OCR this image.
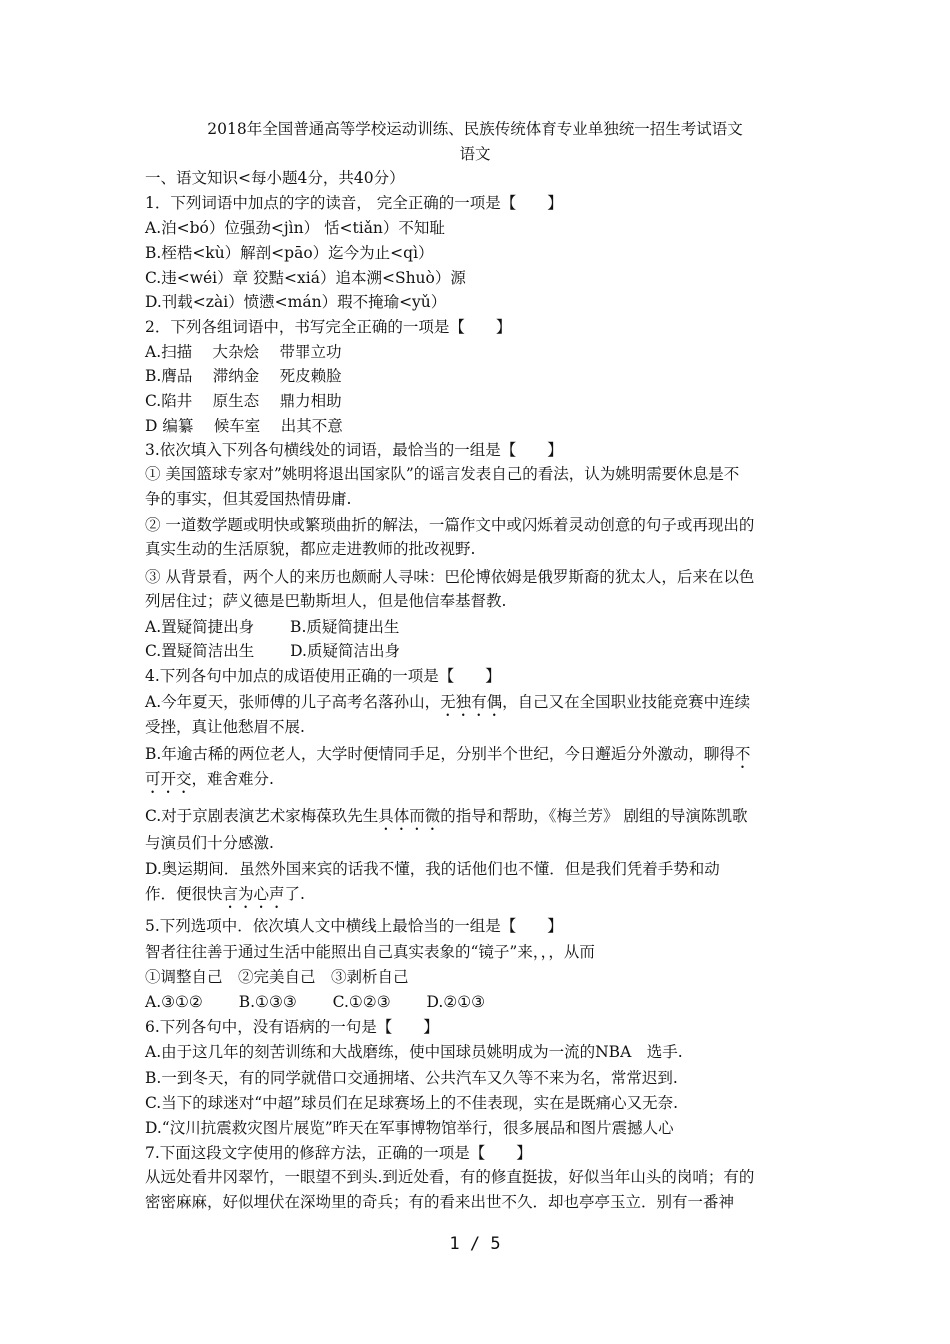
2018年全国普通高等学校运动训练、民族传统体育专业单独统一招生考试语文
语文
一、语文知识<每小题4分，共40分）
1．下列词语中加点的字的读音， 完全正确的一项是【　　】
A.泊<bó）位强劲<jìn） 恬<tiǎn）不知耻
B.桎梏<kù）解剖<pāo）迄今为止<qì）
C.违<wéi）章 狡黠<xiá）追本溯<Shuò）源
D.刊载<zài）愤懑<mán）瑕不掩瑜<yǔ）
2．下列各组词语中，书写完全正确的一项是【　　】
A.扫描　 大杂烩　 带罪立功
B.膺品　 滞纳金　 死皮赖脸
C.陷井　 原生态　 鼎力相助
D 编纂　 候车室　 出其不意
3.依次填入下列各句横线处的词语，最恰当的一组是【　　】
① 美国篮球专家对”姚明将退出国家队”的谣言发表自己的看法，认为姚明需要休息是不
争的事实，但其爱国热情毋庸.
② 一道数学题或明快或繁琐曲折的解法，一篇作文中或闪烁着灵动创意的句子或再现出的
真实生动的生活原貌，都应走进教师的批改视野.
③ 从背景看，两个人的来历也颇耐人寻味：巴伦博依姆是俄罗斯裔的犹太人，后来在以色
列居住过；萨义德是巴勒斯坦人，但是他信奉基督教.
A.置疑简捷出身　　 B.质疑简捷出生
C.置疑简洁出生　　 D.质疑简洁出身
4.下列各句中加点的成语使用正确的一项是【　　】
A.今年夏天，张师傅的儿子高考名落孙山，无独有偶，自己又在全国职业技能竞赛中连续
受挫，真让他愁眉不展.
B.年逾古稀的两位老人，大学时便情同手足，分别半个世纪，今日邂逅分外激动，聊得不
可开交，难舍难分.
C.对于京剧表演艺术家梅葆玖先生具体而微的指导和帮助，《梅兰芳》 剧组的导演陈凯歌
与演员们十分感激.
D.奥运期间．虽然外国来宾的话我不懂，我的话他们也不懂．但是我们凭着手势和动
作．便很快言为心声了.
5.下列选项中．依次填人文中横线上最恰当的一组是【　　】
智者往往善于通过生活中能照出自己真实表象的“镜子”来，，，从而
①调整自己　②完美自己　③剥析自己
A.③①②　　 B.①③③　　 C.①②③　　 D.②①③
6.下列各句中，没有语病的一句是【　　】
A.由于这几年的刻苦训练和大战磨练，使中国球员姚明成为一流的NBA　选手.
B.一到冬天，有的同学就借口交通拥堵、公共汽车又久等不来为名，常常迟到.
C.当下的球迷对“中超”球员们在足球赛场上的不佳表现，实在是既痛心又无奈.
D.“汶川抗震救灾图片展览”昨天在军事博物馆举行，很多展品和图片震撼人心
7.下面这段文字使用的修辞方法，正确的一项是【　　】
从远处看井冈翠竹，一眼望不到头.到近处看，有的修直挺拔，好似当年山头的岗哨；有的
密密麻麻，好似埋伏在深坳里的奇兵；有的看来出世不久．却也亭亭玉立．别有一番神
1 / 5
